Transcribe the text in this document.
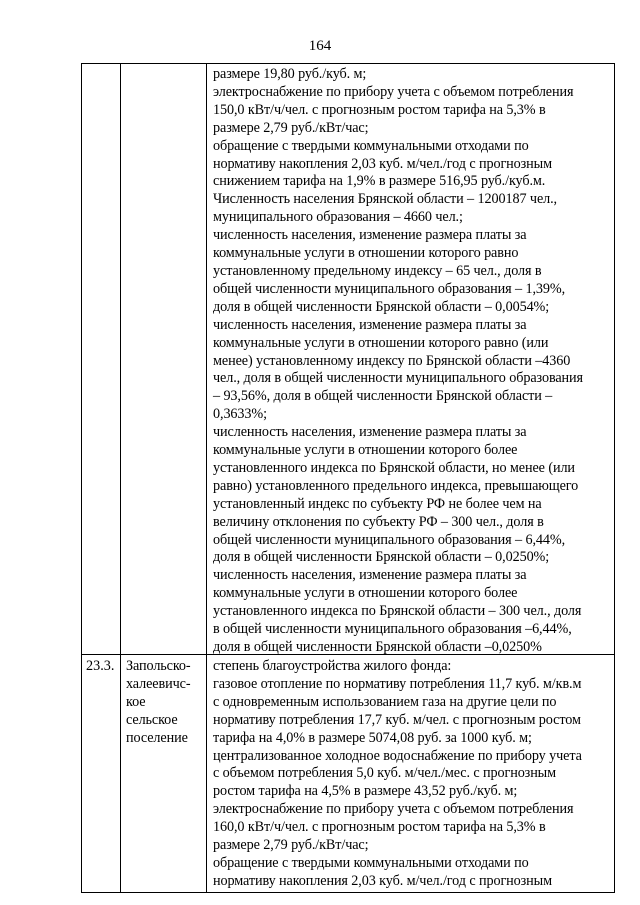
164
размере 19,80 руб./куб. м;
электроснабжение по прибору учета с объемом потребления
150,0 кВт/ч/чел. с прогнозным ростом тарифа на 5,3% в
размере 2,79 руб./кВт/час;
обращение с твердыми коммунальными отходами по
нормативу накопления 2,03 куб. м/чел./год с прогнозным
снижением тарифа на 1,9% в размере 516,95 руб./куб.м.
Численность населения Брянской области – 1200187 чел.,
муниципального образования – 4660 чел.;
численность населения, изменение размера платы за
коммунальные услуги в отношении которого равно
установленному предельному индексу – 65 чел., доля в
общей численности муниципального образования – 1,39%,
доля в общей численности Брянской области – 0,0054%;
численность населения, изменение размера платы за
коммунальные услуги в отношении которого равно (или
менее) установленному индексу по Брянской области –4360
чел., доля в общей численности муниципального образования
– 93,56%, доля в общей численности Брянской области –
0,3633%;
численность населения, изменение размера платы за
коммунальные услуги в отношении которого более
установленного индекса по Брянской области, но менее (или
равно) установленного предельного индекса, превышающего
установленный индекс по субъекту РФ не более чем на
величину отклонения по субъекту РФ – 300 чел., доля в
общей численности муниципального образования – 6,44%,
доля в общей численности Брянской области – 0,0250%;
численность населения, изменение размера платы за
коммунальные услуги в отношении которого более
установленного индекса по Брянской области – 300 чел., доля
в общей численности муниципального образования –6,44%,
доля в общей численности Брянской области –0,0250%
23.3. Запольско-
халеевичс-
кое
сельское
поселение
степень благоустройства жилого фонда:
газовое отопление по нормативу потребления 11,7 куб. м/кв.м
с одновременным использованием газа на другие цели по
нормативу потребления 17,7 куб. м/чел. с прогнозным ростом
тарифа на 4,0% в размере 5074,08 руб. за 1000 куб. м;
централизованное холодное водоснабжение по прибору учета
с объемом потребления 5,0 куб. м/чел./мес. с прогнозным
ростом тарифа на 4,5% в размере 43,52 руб./куб. м;
электроснабжение по прибору учета с объемом потребления
160,0 кВт/ч/чел. с прогнозным ростом тарифа на 5,3% в
размере 2,79 руб./кВт/час;
обращение с твердыми коммунальными отходами по
нормативу накопления 2,03 куб. м/чел./год с прогнозным
